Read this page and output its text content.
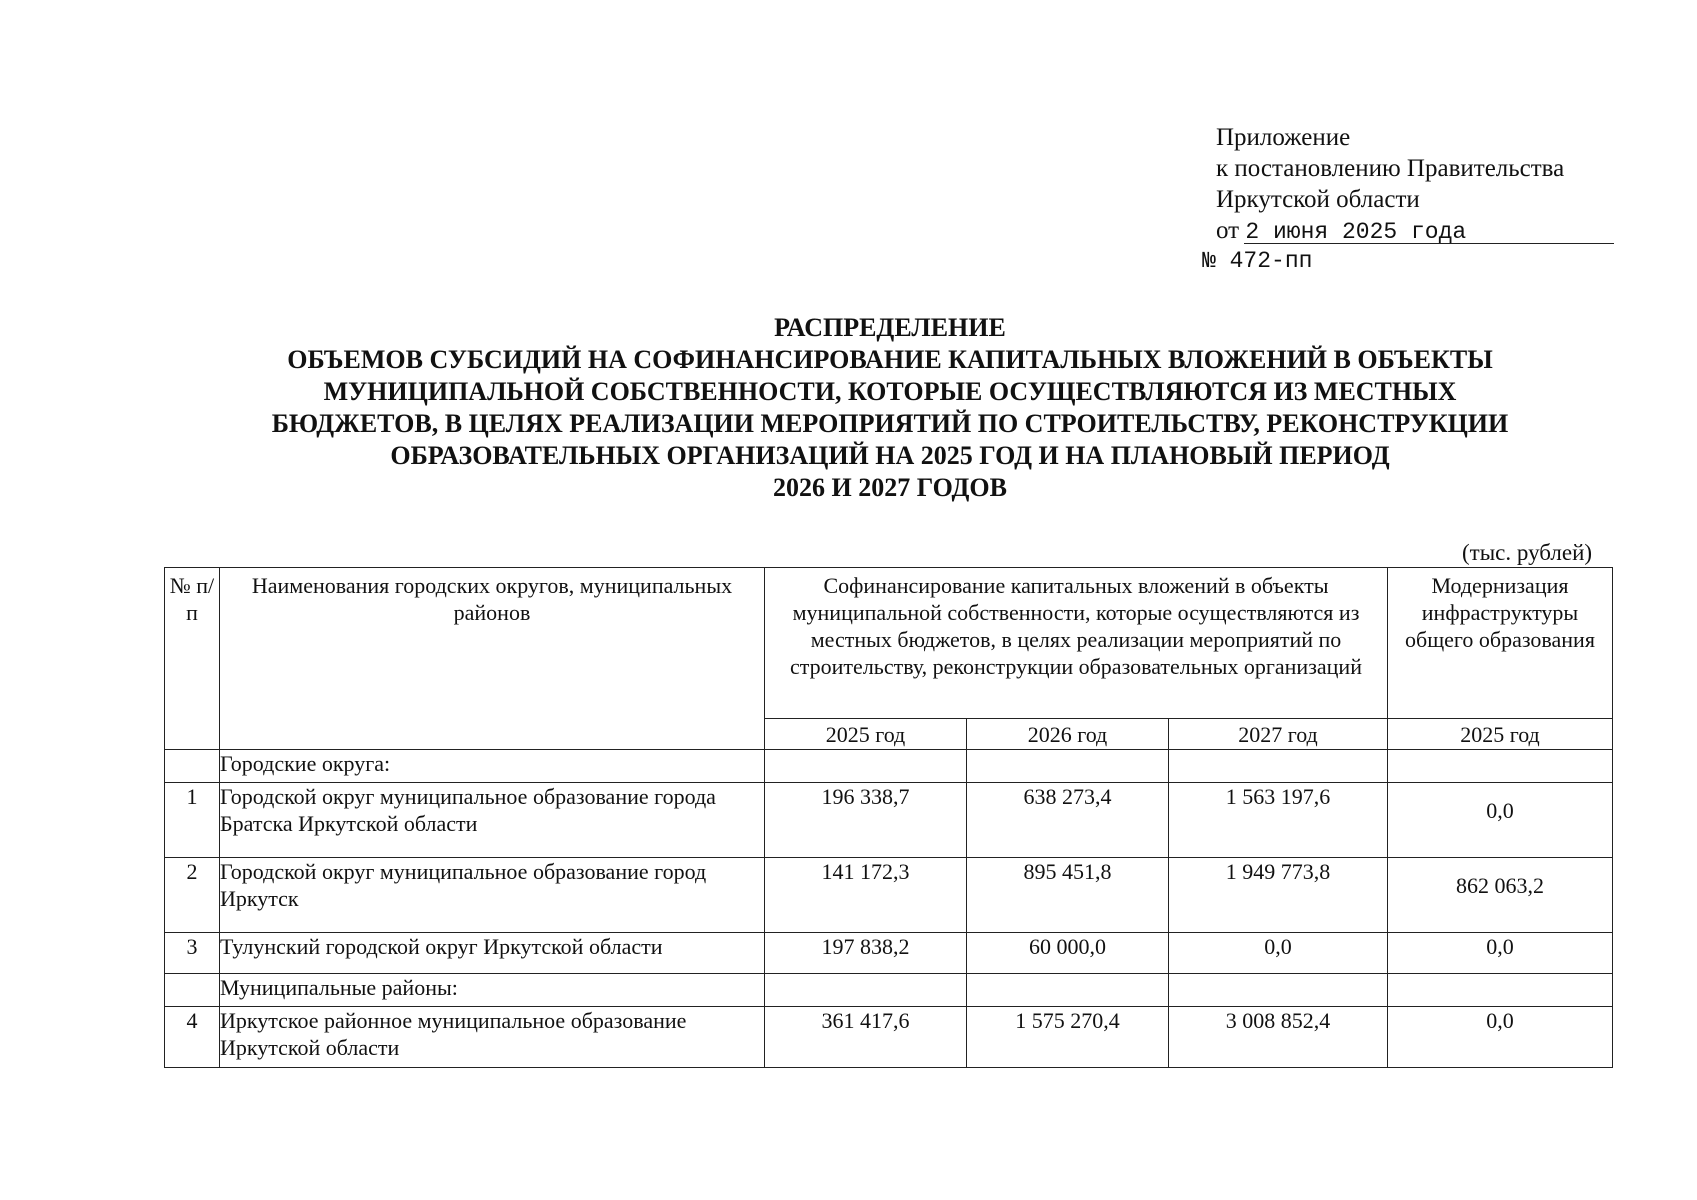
Приложение
к постановлению Правительства
Иркутской области
от 2 июня 2025 года
№ 472-пп
РАСПРЕДЕЛЕНИЕ
ОБЪЕМОВ СУБСИДИЙ НА СОФИНАНСИРОВАНИЕ КАПИТАЛЬНЫХ ВЛОЖЕНИЙ В ОБЪЕКТЫ
МУНИЦИПАЛЬНОЙ СОБСТВЕННОСТИ, КОТОРЫЕ ОСУЩЕСТВЛЯЮТСЯ ИЗ МЕСТНЫХ
БЮДЖЕТОВ, В ЦЕЛЯХ РЕАЛИЗАЦИИ МЕРОПРИЯТИЙ ПО СТРОИТЕЛЬСТВУ, РЕКОНСТРУКЦИИ
ОБРАЗОВАТЕЛЬНЫХ ОРГАНИЗАЦИЙ НА 2025 ГОД И НА ПЛАНОВЫЙ ПЕРИОД
2026 И 2027 ГОДОВ
(тыс. рублей)
№ п/п	Наименования городских округов, муниципальных районов	Софинансирование капитальных вложений в объекты муниципальной собственности, которые осуществляются из местных бюджетов, в целях реализации мероприятий по строительству, реконструкции образовательных организаций			Модернизация инфраструктуры общего образования
		2025 год	2026 год	2027 год	2025 год
	Городские округа:				
1	Городской округ муниципальное образование города Братска Иркутской области	196 338,7	638 273,4	1 563 197,6	0,0
2	Городской округ муниципальное образование город Иркутск	141 172,3	895 451,8	1 949 773,8	862 063,2
3	Тулунский городской округ Иркутской области	197 838,2	60 000,0	0,0	0,0
	Муниципальные районы:				
4	Иркутское районное муниципальное образование Иркутской области	361 417,6	1 575 270,4	3 008 852,4	0,0
